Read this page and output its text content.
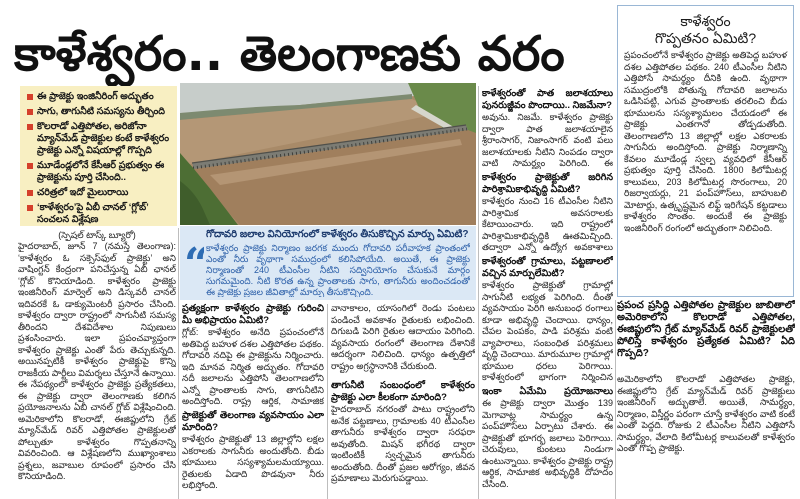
కాళేశ్వరం.. తెలంగాణకు వరం
ఈ ప్రాజెక్టు ఇంజినీరింగ్ అద్భుతం
సాగు, తాగునీటి సమస్యను తీర్చింది
కొలరాడో ఎత్తిపోతల, అరిజోనా మ్యాన్‌మేడ్ ప్రాజెక్టుల కంటే కాళేశ్వరం ప్రాజెక్టు ఎన్నో విషయాల్లో గొప్పది
మూడేండ్లలోనే కేసీఆర్ ప్రభుత్వం ఈ ప్రాజెక్టును పూర్తి చేసింది..
చరిత్రలో ఇదో మైలురాయి
‘కాళేశ్వరం’పై ఏబీ చానల్ ‘గ్లోబ్’ సంచలన విశ్లేషణ
(స్పెషల్ టాస్క్ బ్యూరో)
హైదరాబాద్, జూన్ 7 (నమస్తే తెలంగాణ): ‘కాళేశ్వరం ఓ సక్సెస్‌ఫుల్ ప్రాజెక్టు’ అని వాషింగ్టన్ కేంద్రంగా పనిచేస్తున్న ఏబీ ఛానల్ ‘గ్లోబ్’ కొనియాడింది. కాళేశ్వరం ప్రాజెక్టు ఇంజినీరింగ్ మార్వెల్ అని డిస్కవరీ చానల్ ఇదివరకే ఓ డాక్యుమెంటరీ ప్రసారం చేసింది. కాళేశ్వరం ద్వారా రాష్ట్రంలో సాగునీటి సమస్య తీరిందని దేశవిదేశాల నిపుణులు ప్రశంసించారు. ఇలా ప్రపంచవ్యాప్తంగా కాళేశ్వరం ప్రాజెక్టు ఎంతో పేరు తెచ్చుకున్నది. అయినప్పటికీ కాళేశ్వరం ప్రాజెక్టుపై కొన్ని రాజకీయ పార్టీలు విమర్శలు చేస్తూనే ఉన్నాయి. ఈ నేపథ్యంలో కాళేశ్వరం ప్రాజెక్టు ప్రత్యేకతలు, ఈ ప్రాజెక్టు ద్వారా తెలంగాణకు కలిగిన ప్రయోజనాలను ఏబీ చానల్ గ్లోబ్ విశ్లేషించింది. అమెరికాలోని కొలరాడో, ఈజిప్టులోని గ్రేట్ మ్యాన్‌మేడ్ రివర్ ఎత్తిపోతల ప్రాజెక్టులతో పోల్చుతూ కాళేశ్వరం గొప్పతనాన్ని వివరించింది. ఆ విశ్లేషణలోని ముఖ్యాంశాలు ప్రశ్నలు, జవాబుల రూపంలో ప్రసారం చేసి కొనియాడింది.
గోదావరి జలాల వినియోగంలో కాళేశ్వరం తీసుకొచ్చిన మార్పు ఏమిటి?
“
కాళేశ్వరం ప్రాజెక్టు నిర్మాణం జరగక ముందు గోదావరి పరీవాహక ప్రాంతంలో ఎంతో నీరు వృథాగా సముద్రంలో కలిసిపోయేది. అయితే, ఈ ప్రాజెక్టు నిర్మాణంతో 240 టీఎంసీల నీటిని సద్వినియోగం చేసుకునే మార్గం సుగమమైంది. నీటి కొరత ఉన్న ప్రాంతాలకు సాగు, తాగునీరు అందించడంతో ఈ ప్రాజెక్టు ప్రజల జీవితాల్లో మార్పు తీసుకొచ్చింది.
ప్రత్యక్షంగా కాళేశ్వరం ప్రాజెక్టు గురించి మీ అభిప్రాయం ఏమిటి?
గ్లోబ్: కాళేశ్వరం అనేది ప్రపంచంలోనే అతిపెద్ద బహుళ దశల ఎత్తిపోతల పథకం. గోదావరి నదిపై ఈ ప్రాజెక్టును నిర్మించారు. ఇది మానవ నిర్మిత అద్భుతం. గోదావరి నదీ జలాలను ఎత్తిపోసి తెలంగాణలోని ఎన్నో ప్రాంతాలకు సాగు, తాగునీటిని అందిస్తోంది. రాష్ట్ర ఆర్థిక, సామాజిక
ప్రాజెక్టుతో తెలంగాణ వ్యవసాయం ఎలా మారింది?
కాళేశ్వరం ప్రాజెక్టుతో 13 జిల్లాల్లోని లక్షల ఎకరాలకు సాగునీరు అందుతోంది. బీడు భూములు సస్యశ్యామలమయ్యాయి. రైతులకు ఏడాది పొడవునా నీరు లభిస్తోంది.
వానాకాలం, యాసంగిలో రెండు పంటలు పండించే అవకాశం రైతులకు లభించింది. దిగుబడి పెరిగి రైతుల ఆదాయం పెరిగింది. వ్యవసాయ రంగంలో తెలంగాణ దేశానికే ఆదర్శంగా నిలిచింది. ధాన్యం ఉత్పత్తిలో రాష్ట్రం అగ్రస్థానానికి చేరుకుంది.
తాగునీటి సంబంధంలో కాళేశ్వరం ప్రాజెక్టు ఎలా కీలకంగా మారింది?
హైదరాబాద్ నగరంతో పాటు రాష్ట్రంలోని అనేక పట్టణాలు, గ్రామాలకు 40 టీఎంసీల తాగునీరు కాళేశ్వరం ద్వారా సరఫరా అవుతోంది. మిషన్ భగీరథ ద్వారా ఇంటింటికీ స్వచ్ఛమైన తాగునీరు అందుతోంది. దీంతో ప్రజల ఆరోగ్యం, జీవన ప్రమాణాలు మెరుగుపడ్డాయి.
కాళేశ్వరంతో పాత జలాశయాలు పునరుజ్జీవం పొందాయి.. నిజమేనా?
అవును. నిజమే. కాళేశ్వరం ప్రాజెక్టు ద్వారా పాత జలాశయాలైన శ్రీరాంసాగర్, నిజాంసాగర్ వంటి పలు జలాశయాలకు నీటిని నింపడం ద్వారా వాటి సామర్థ్యం పెరిగింది. ఈ
కాళేశ్వరం ప్రాజెక్టుతో జరిగిన పారిశ్రామికాభివృద్ధి ఏమిటి?
కాళేశ్వరం నుంచి 16 టీఎంసీల నీటిని పారిశ్రామిక అవసరాలకు కేటాయించారు. ఇది రాష్ట్రంలో పారిశ్రామికాభివృద్ధికి ఊతమిచ్చింది. తద్వారా ఎన్నో ఉద్యోగ అవకాశాలు
కాళేశ్వరంతో గ్రామాలు, పట్టణాలలో వచ్చిన మార్పులేమిటి?
కాళేశ్వరం ప్రాజెక్టుతో గ్రామాల్లో సాగునీటి లభ్యత పెరిగింది. దీంతో వ్యవసాయం పెరిగి అనుబంధ రంగాలు కూడా అభివృద్ధి చెందాయి. ధాన్యం, చేపల పెంపకం, పాడి పరిశ్రమ వంటి వ్యాపారాలు, సంబంధిత పరిశ్రమలు వృద్ధి చెందాయి. మారుమూల గ్రామాల్లో భూముల ధరలు పెరిగాయి. కాళేశ్వరంలో భాగంగా నిర్మించిన
ఇంకా ఏమేమి ప్రయోజనాలు
ఈ ప్రాజెక్టు ద్వారా మొత్తం 139 మెగావాట్ల సామర్థ్యం ఉన్న పంప్‌హౌస్‌లు ఏర్పాటు చేశారు. ఈ ప్రాజెక్టుతో భూగర్భ జలాలు పెరిగాయి. చెరువులు, కుంటలు నిండుగా ఉంటున్నాయి. కాళేశ్వరం ప్రాజెక్టు రాష్ట్ర ఆర్థిక, సామాజిక అభివృద్ధికి దోహదం చేసింది.
కాళేశ్వరం
గొప్పతనం ఏమిటి?
ప్రపంచంలోనే కాళేశ్వరం ప్రాజెక్టు అతిపెద్ద బహుళ దశల ఎత్తిపోతల పథకం. 240 టీఎంసీల నీటిని ఎత్తిపోసే సామర్థ్యం దీనికి ఉంది. వృథాగా సముద్రంలోకి పోతున్న గోదావరి జలాలను ఒడిసిపట్టి, ఎగువ ప్రాంతాలకు తరలించి బీడు భూములను సస్యశ్యామలం చేయడంలో ఈ ప్రాజెక్టు ఎంతగానో తోడ్పడుతోంది. తెలంగాణలోని 13 జిల్లాల్లో లక్షల ఎకరాలకు సాగునీరు అందిస్తోంది. ప్రాజెక్టు నిర్మాణాన్ని కేవలం మూడేండ్ల స్వల్ప వ్యవధిలో కేసీఆర్ ప్రభుత్వం పూర్తి చేసింది. 1800 కిలోమీటర్ల కాలువలు, 203 కిలోమీటర్ల సొరంగాలు, 20 రిజర్వాయర్లు, 21 పంప్‌హౌస్‌లు, బాహుబలి మోటార్లు, ఉత్కృష్టమైన లిఫ్ట్ ఇరిగేషన్ కట్టడాలు కాళేశ్వరం సొంతం. అందుకే ఈ ప్రాజెక్టు ఇంజినీరింగ్ రంగంలో అద్భుతంగా నిలిచింది.
ప్రపంచ ప్రసిద్ధి ఎత్తిపోతల ప్రాజెక్టుల జాబితాలో అమెరికాలోని కొలరాడో ఎత్తిపోతల, ఈజిప్టులోని గ్రేట్ మ్యాన్‌మేడ్ రివర్ ప్రాజెక్టులతో పోలిస్తే కాళేశ్వరం ప్రత్యేకత ఏమిటి? ఏది గొప్పది?
అమెరికాలోని కొలరాడో ఎత్తిపోతల ప్రాజెక్టు, ఈజిప్టులోని గ్రేట్ మ్యాన్‌మేడ్ రివర్ ప్రాజెక్టులు ఇంజినీరింగ్ అద్భుతాలే. అయితే, సామర్థ్యం, నిర్మాణం, విస్తీర్ణం పరంగా చూస్తే కాళేశ్వరం వాటి కంటే ఎంతో పెద్దది. రోజుకు 2 టీఎంసీల నీటిని ఎత్తిపోసే సామర్థ్యం, వేలాది కిలోమీటర్ల కాలువలతో కాళేశ్వరం ఎంతో గొప్ప ప్రాజెక్టు.
